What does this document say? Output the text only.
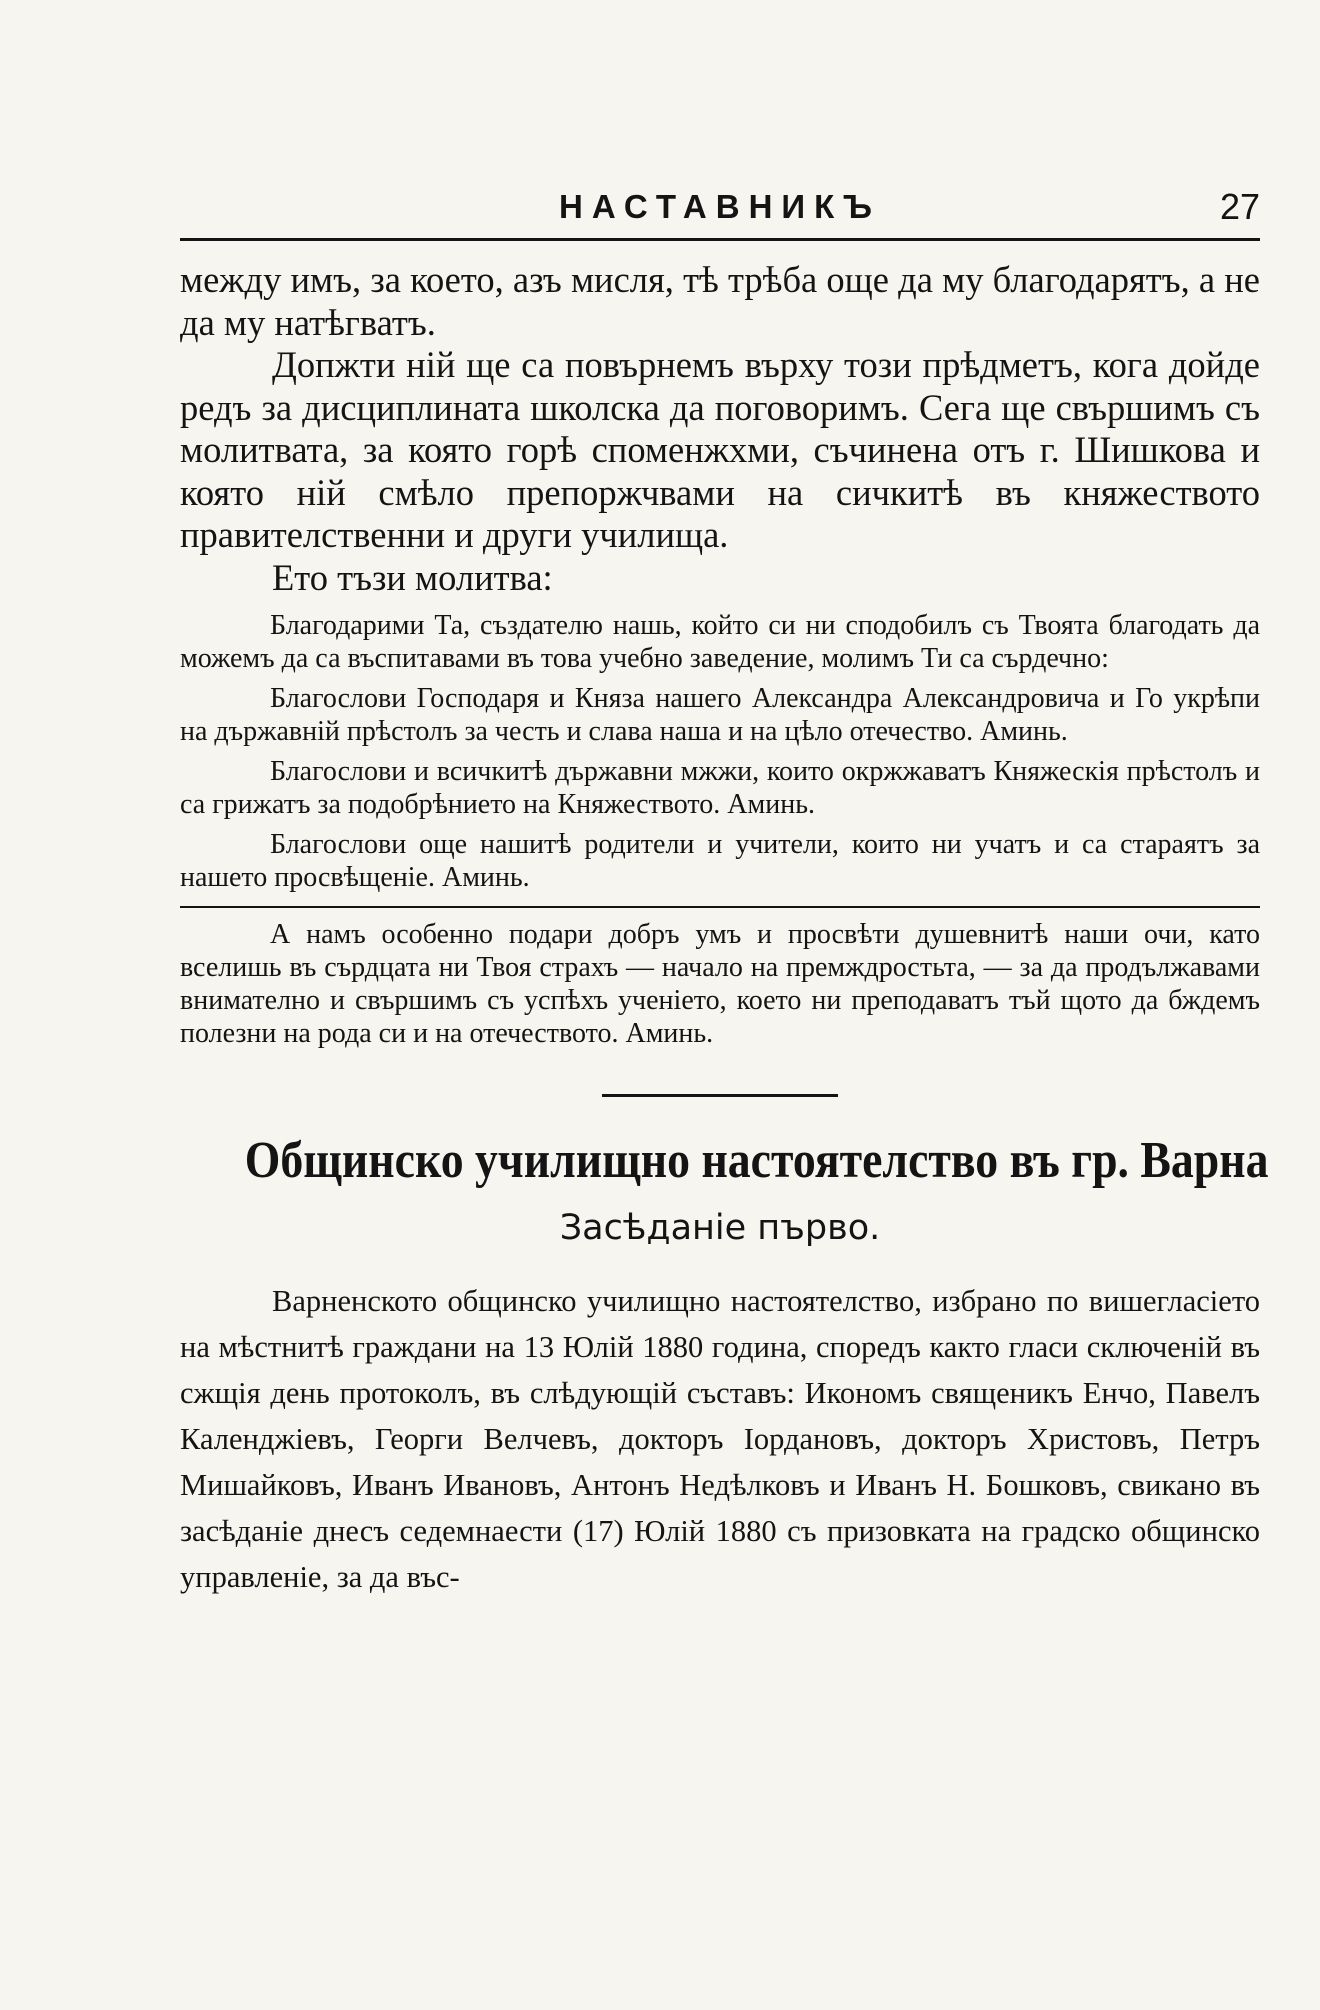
НАСТАВНИКЪ	27

между имъ, за което, азъ мисля, тѣ трѣба още да му благодарятъ, а не да му натѣгватъ.

Допжти ній ще са повърнемъ върху този прѣдметъ, кога дойде редъ за дисциплината школска да поговоримъ. Сега ще свършимъ съ молитвата, за която горѣ споменжхми, съчинена отъ г. Шишкова и която ній смѣло препоржчвами на сичкитѣ въ княжеството правителственни и други училища.

Ето тъзи молитва:

Благодарими Та, създателю нашь, който си ни сподобилъ съ Твоята благодать да можемъ да са въспитавами въ това учебно заведение, молимъ Ти са сърдечно:

Благослови Господаря и Княза нашего Александра Александровича и Го укрѣпи на държавній прѣстолъ за честь и слава наша и на цѣло отечество. Аминь.

Благослови и всичкитѣ държавни мжжи, които окржжаватъ Княжескія прѣстолъ и са грижатъ за подобрѣнието на Княжеството. Аминь.

Благослови още нашитѣ родители и учители, които ни учатъ и са стараятъ за нашето просвѣщеніе. Аминь.

А намъ особенно подари добръ умъ и просвѣти душевнитѣ наши очи, като вселишь въ сърдцата ни Твоя страхъ — начало на премждростьта, — за да продължавами внимателно и свършимъ съ успѣхъ ученіето, което ни преподаватъ тъй щото да бждемъ полезни на рода си и на отечеството. Аминь.

Общинско училищно настоятелство въ гр. Варна
Засѣданіе първо.

Варненското общинско училищно настоятелство, избрано по вишегласіето на мѣстнитѣ граждани на 13 Юлій 1880 година, споредъ както гласи сключеній въ сжщія день протоколъ, въ слѣдующій съставъ: Икономъ священикъ Енчо, Павелъ Календжіевъ, Георги Велчевъ, докторъ Iордановъ, докторъ Христовъ, Петръ Мишайковъ, Иванъ Ивановъ, Антонъ Недѣлковъ и Иванъ Н. Бошковъ, свикано въ засѣданіе днесъ седемнаести (17) Юлій 1880 съ призовката на градско общинско управленіе, за да въс-
